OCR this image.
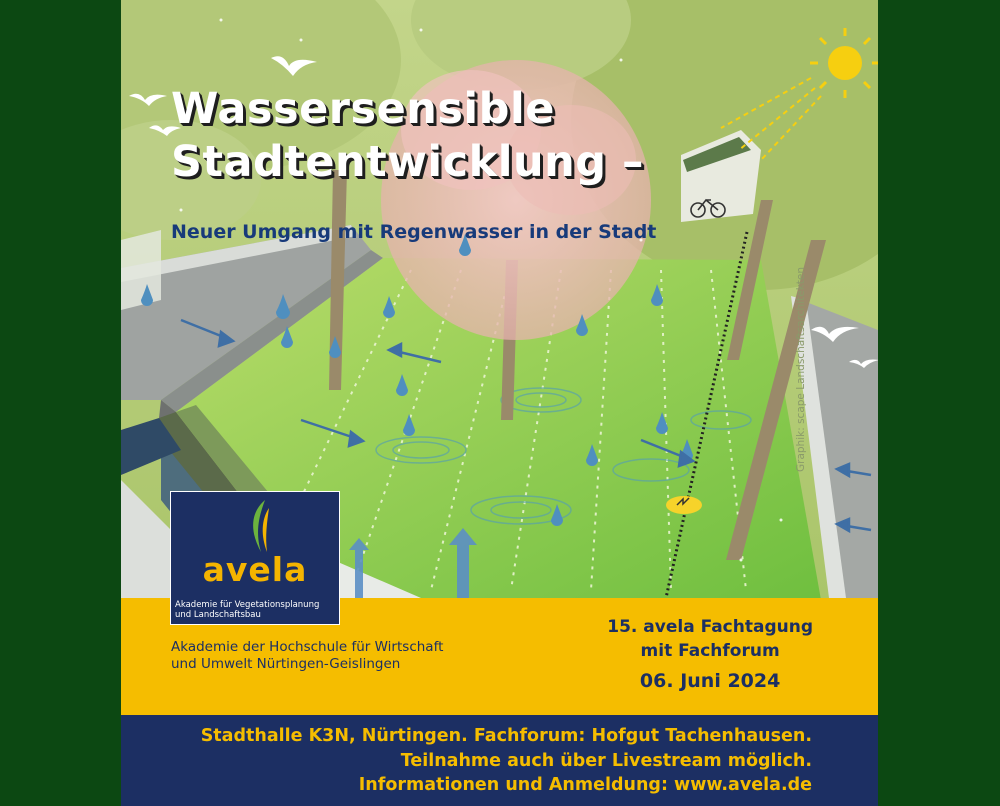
Wassersensible
Stadtentwicklung –

Neuer Umgang mit Regenwasser in der Stadt

Graphik: scape Landschaftsarchitekten
Akademie der Hochschule für Wirtschaft
und Umwelt Nürtingen-Geislingen
15. avela Fachtagung
mit Fachforum
06. Juni 2024
avela
Akademie für Vegetationsplanung
und Landschaftsbau
Stadthalle K3N, Nürtingen. Fachforum: Hofgut Tachenhausen.
Teilnahme auch über Livestream möglich.
Informationen und Anmeldung: www.avela.de
